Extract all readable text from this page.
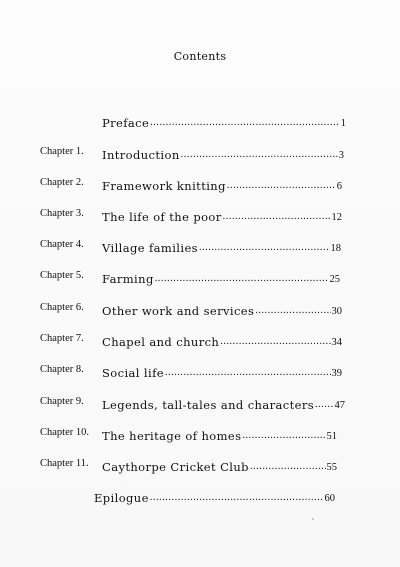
Contents
Preface .....	1
Chapter 1. Introduction .....	3
Chapter 2. Framework knitting .....	6
Chapter 3. The life of the poor .....	12
Chapter 4. Village families .....	18
Chapter 5. Farming .....	25
Chapter 6. Other work and services .....	30
Chapter 7. Chapel and church .....	34
Chapter 8. Social life .....	39
Chapter 9. Legends, tall-tales and characters ..... 47
Chapter 10. The heritage of homes .....	51
Chapter 11. Caythorpe Cricket Club .....	55
Epilogue .....	60
